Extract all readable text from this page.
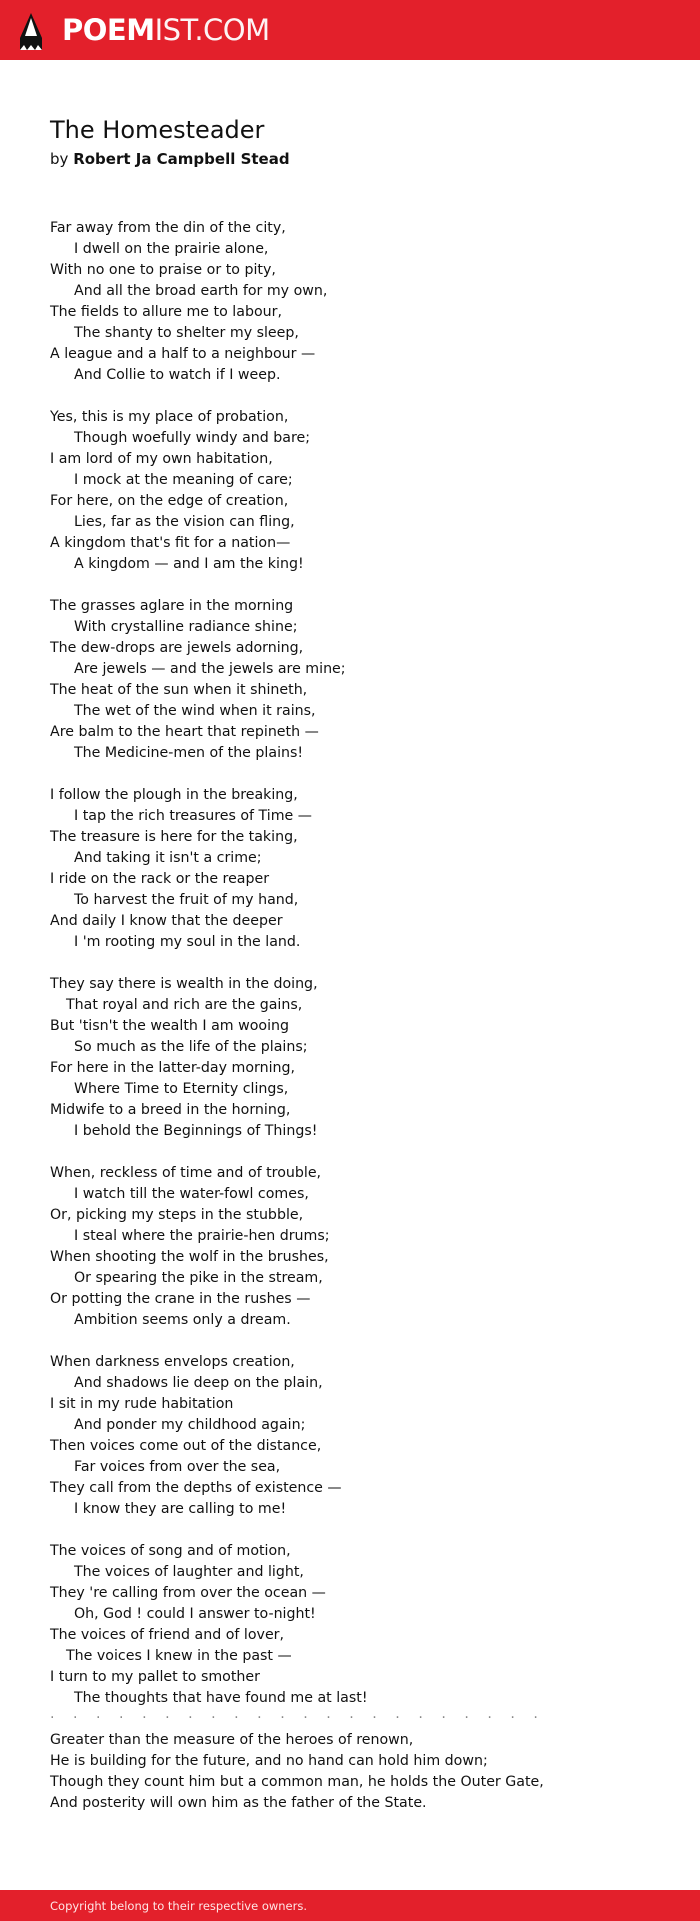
POEMIST.COM
The Homesteader
by Robert Ja Campbell Stead
Far away from the din of the city,
I dwell on the prairie alone,
With no one to praise or to pity,
And all the broad earth for my own,
The fields to allure me to labour,
The shanty to shelter my sleep,
A league and a half to a neighbour —
And Collie to watch if I weep.
Yes, this is my place of probation,
Though woefully windy and bare;
I am lord of my own habitation,
I mock at the meaning of care;
For here, on the edge of creation,
Lies, far as the vision can fling,
A kingdom that's fit for a nation—
A kingdom — and I am the king!
The grasses aglare in the morning
With crystalline radiance shine;
The dew-drops are jewels adorning,
Are jewels — and the jewels are mine;
The heat of the sun when it shineth,
The wet of the wind when it rains,
Are balm to the heart that repineth —
The Medicine-men of the plains!
I follow the plough in the breaking,
I tap the rich treasures of Time —
The treasure is here for the taking,
And taking it isn't a crime;
I ride on the rack or the reaper
To harvest the fruit of my hand,
And daily I know that the deeper
I 'm rooting my soul in the land.
They say there is wealth in the doing,
That royal and rich are the gains,
But 'tisn't the wealth I am wooing
So much as the life of the plains;
For here in the latter-day morning,
Where Time to Eternity clings,
Midwife to a breed in the horning,
I behold the Beginnings of Things!
When, reckless of time and of trouble,
I watch till the water-fowl comes,
Or, picking my steps in the stubble,
I steal where the prairie-hen drums;
When shooting the wolf in the brushes,
Or spearing the pike in the stream,
Or potting the crane in the rushes —
Ambition seems only a dream.
When darkness envelops creation,
And shadows lie deep on the plain,
I sit in my rude habitation
And ponder my childhood again;
Then voices come out of the distance,
Far voices from over the sea,
They call from the depths of existence —
I know they are calling to me!
The voices of song and of motion,
The voices of laughter and light,
They 're calling from over the ocean —
Oh, God ! could I answer to-night!
The voices of friend and of lover,
The voices I knew in the past —
I turn to my pallet to smother
The thoughts that have found me at last!
. . . . . . . . . . . . . . . . . . . . . .
Greater than the measure of the heroes of renown,
He is building for the future, and no hand can hold him down;
Though they count him but a common man, he holds the Outer Gate,
And posterity will own him as the father of the State.
Copyright belong to their respective owners.
